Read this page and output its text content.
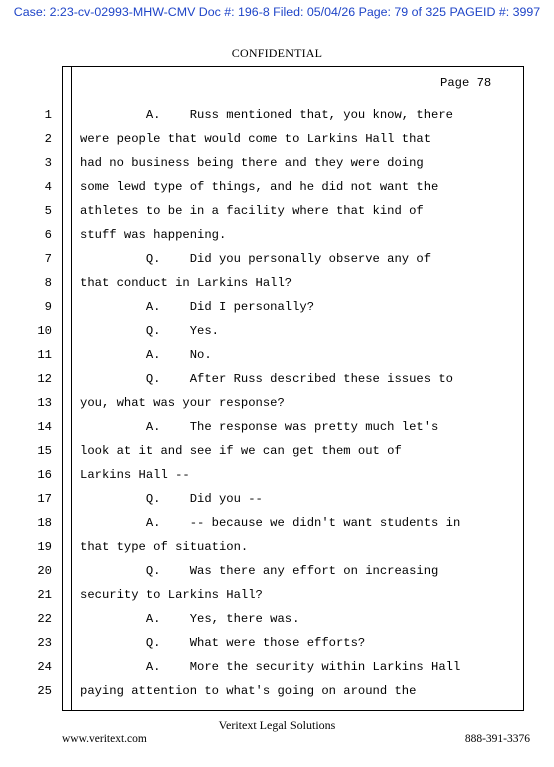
Case: 2:23-cv-02993-MHW-CMV Doc #: 196-8 Filed: 05/04/26 Page: 79 of 325 PAGEID #: 3997
CONFIDENTIAL
Page 78
1 A.    Russ mentioned that, you know, there
2 were people that would come to Larkins Hall that
3 had no business being there and they were doing
4 some lewd type of things, and he did not want the
5 athletes to be in a facility where that kind of
6 stuff was happening.
7 Q.    Did you personally observe any of
8 that conduct in Larkins Hall?
9 A.    Did I personally?
10 Q.    Yes.
11 A.    No.
12 Q.    After Russ described these issues to
13 you, what was your response?
14 A.    The response was pretty much let's
15 look at it and see if we can get them out of
16 Larkins Hall --
17 Q.    Did you --
18 A.    -- because we didn't want students in
19 that type of situation.
20 Q.    Was there any effort on increasing
21 security to Larkins Hall?
22 A.    Yes, there was.
23 Q.    What were those efforts?
24 A.    More the security within Larkins Hall
25 paying attention to what's going on around the
Veritext Legal Solutions
www.veritext.com	888-391-3376
